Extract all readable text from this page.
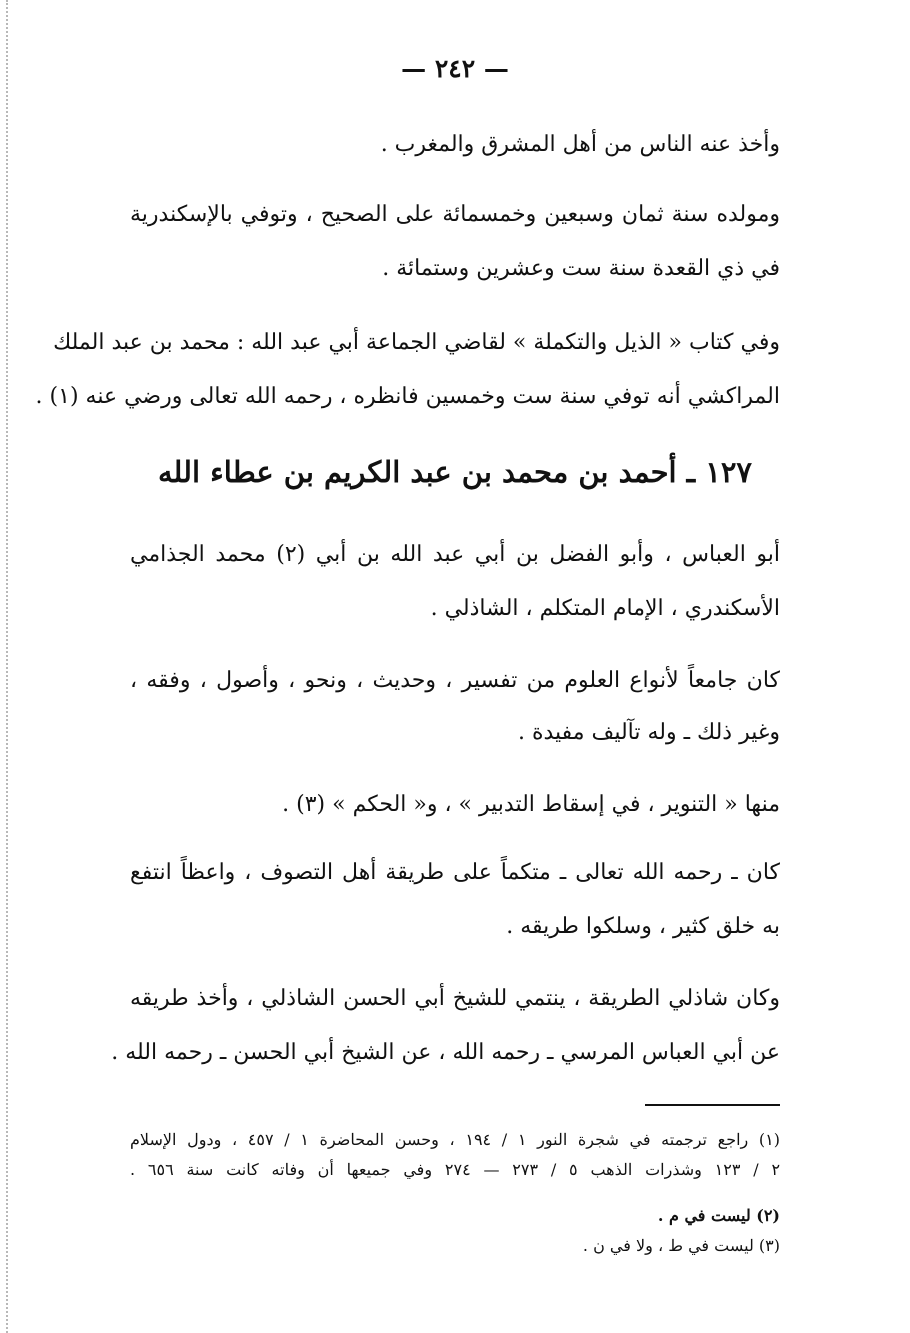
— ٢٤٢ —
وأخذ عنه الناس من أهل المشرق والمغرب .
ومولده سنة ثمان وسبعين وخمسمائة على الصحيح ، وتوفي بالإسكندرية
في ذي القعدة سنة ست وعشرين وستمائة .
وفي كتاب « الذيل والتكملة » لقاضي الجماعة أبي عبد الله : محمد بن عبد الملك
المراكشي أنه توفي سنة ست وخمسين فانظره ، رحمه الله تعالى ورضي عنه (١) .
١٢٧ ـ أحمد بن محمد بن عبد الكريم بن عطاء الله
أبو العباس ، وأبو الفضل بن أبي عبد الله بن أبي (٢) محمد الجذامي
الأسكندري ، الإمام المتكلم ، الشاذلي .
كان جامعاً لأنواع العلوم من تفسير ، وحديث ، ونحو ، وأصول ، وفقه ،
وغير ذلك ـ وله تآليف مفيدة .
منها « التنوير ، في إسقاط التدبير » ، و« الحكم » (٣) .
كان ـ رحمه الله تعالى ـ متكماً على طريقة أهل التصوف ، واعظاً انتفع
به خلق كثير ، وسلكوا طريقه .
وكان شاذلي الطريقة ، ينتمي للشيخ أبي الحسن الشاذلي ، وأخذ طريقه
عن أبي العباس المرسي ـ رحمه الله ، عن الشيخ أبي الحسن ـ رحمه الله .
(١) راجع ترجمته في شجرة النور ١ / ١٩٤ ، وحسن المحاضرة ١ / ٤٥٧ ، ودول الإسلام
٢ / ١٢٣ وشذرات الذهب ٥ / ٢٧٣ — ٢٧٤ وفي جميعها أن وفاته كانت سنة ٦٥٦ .
(٢) ليست في م .
(٣) ليست في ط ، ولا في ن .
